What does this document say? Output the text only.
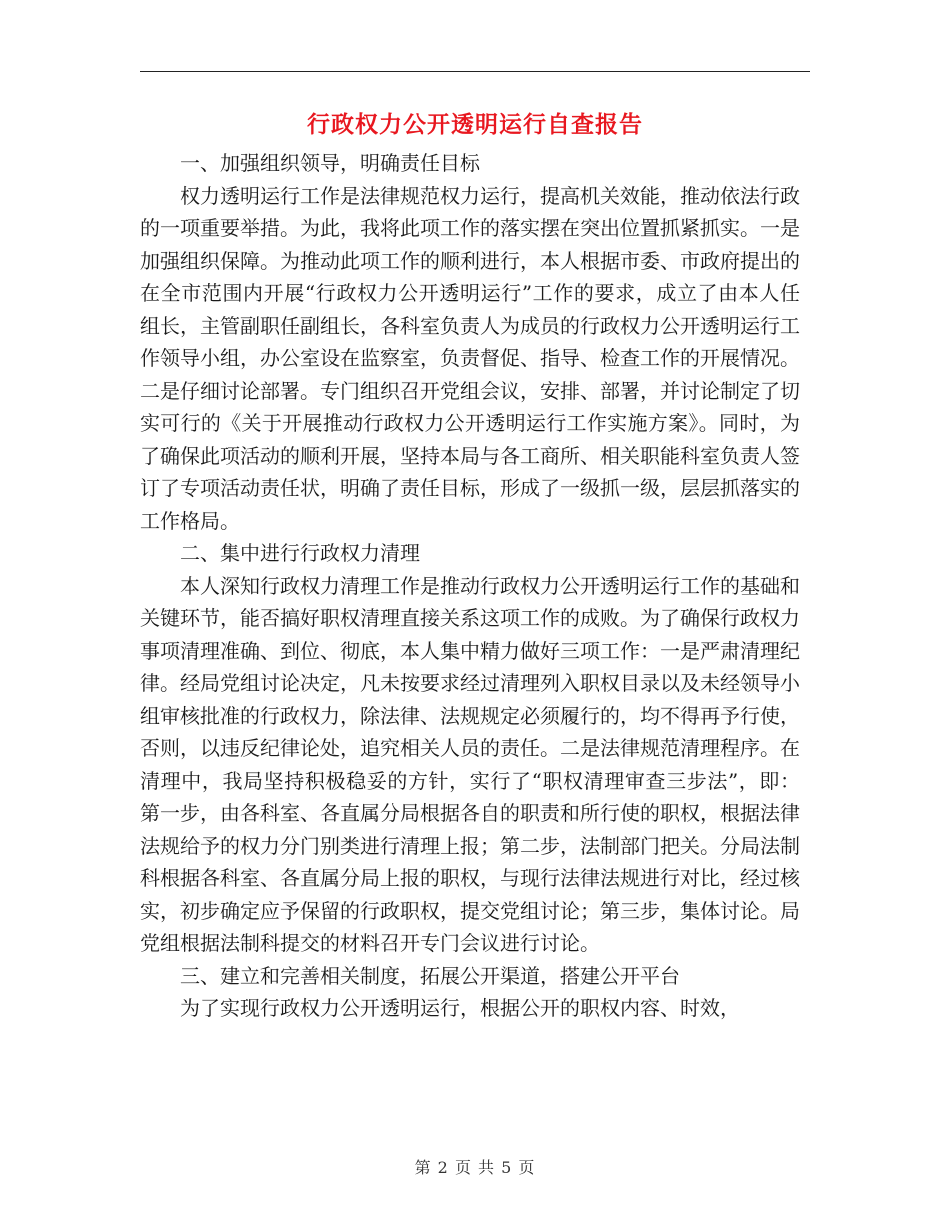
行政权力公开透明运行自查报告

一、加强组织领导，明确责任目标

权力透明运行工作是法律规范权力运行，提高机关效能，推动依法行政的一项重要举措。为此，我将此项工作的落实摆在突出位置抓紧抓实。一是加强组织保障。为推动此项工作的顺利进行，本人根据市委、市政府提出的在全市范围内开展“行政权力公开透明运行”工作的要求，成立了由本人任组长，主管副职任副组长，各科室负责人为成员的行政权力公开透明运行工作领导小组，办公室设在监察室，负责督促、指导、检查工作的开展情况。二是仔细讨论部署。专门组织召开党组会议，安排、部署，并讨论制定了切实可行的《关于开展推动行政权力公开透明运行工作实施方案》。同时，为了确保此项活动的顺利开展，坚持本局与各工商所、相关职能科室负责人签订了专项活动责任状，明确了责任目标，形成了一级抓一级，层层抓落实的工作格局。

二、集中进行行政权力清理

本人深知行政权力清理工作是推动行政权力公开透明运行工作的基础和关键环节，能否搞好职权清理直接关系这项工作的成败。为了确保行政权力事项清理准确、到位、彻底，本人集中精力做好三项工作：一是严肃清理纪律。经局党组讨论决定，凡未按要求经过清理列入职权目录以及未经领导小组审核批准的行政权力，除法律、法规规定必须履行的，均不得再予行使，否则，以违反纪律论处，追究相关人员的责任。二是法律规范清理程序。在清理中，我局坚持积极稳妥的方针，实行了“职权清理审查三步法”，即：第一步，由各科室、各直属分局根据各自的职责和所行使的职权，根据法律法规给予的权力分门别类进行清理上报；第二步，法制部门把关。分局法制科根据各科室、各直属分局上报的职权，与现行法律法规进行对比，经过核实，初步确定应予保留的行政职权，提交党组讨论；第三步，集体讨论。局党组根据法制科提交的材料召开专门会议进行讨论。

三、建立和完善相关制度，拓展公开渠道，搭建公开平台

为了实现行政权力公开透明运行，根据公开的职权内容、时效，

第 2 页 共 5 页
